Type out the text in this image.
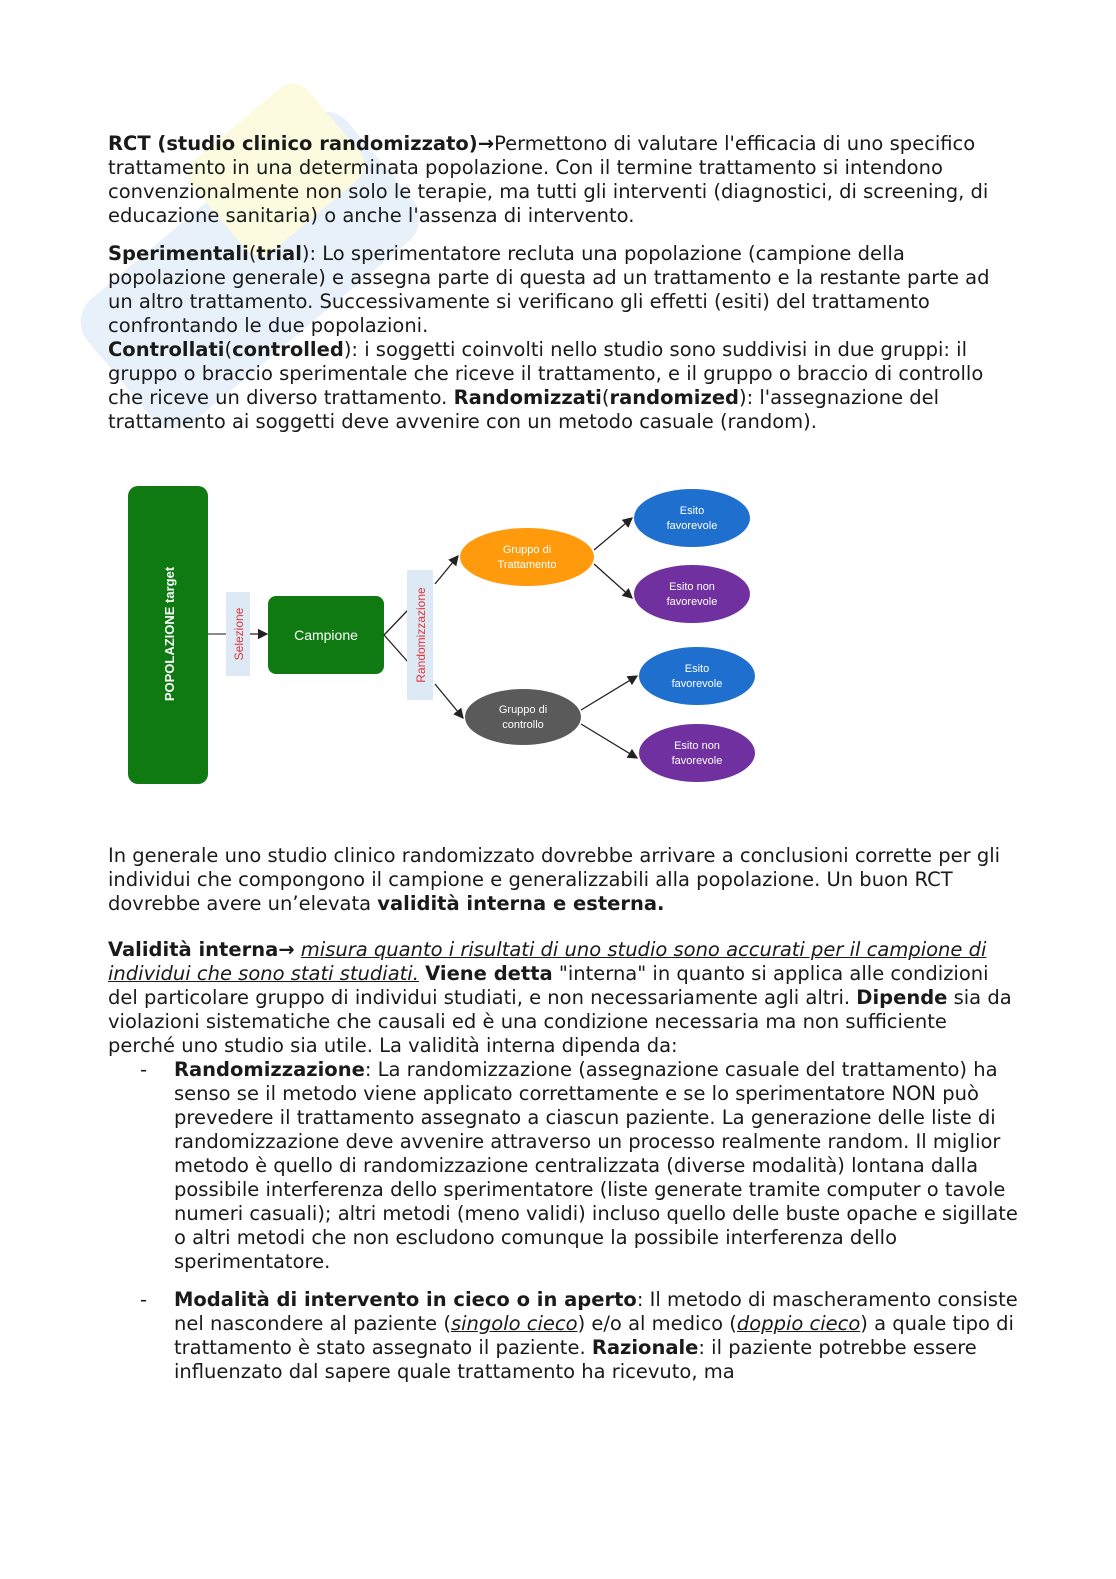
RCT (studio clinico randomizzato)→Permettono di valutare l'efficacia di uno specifico trattamento in una determinata popolazione. Con il termine trattamento si intendono convenzionalmente non solo le terapie, ma tutti gli interventi (diagnostici, di screening, di educazione sanitaria) o anche l'assenza di intervento.

Sperimentali(trial): Lo sperimentatore recluta una popolazione (campione della popolazione generale) e assegna parte di questa ad un trattamento e la restante parte ad un altro trattamento. Successivamente si verificano gli effetti (esiti) del trattamento confrontando le due popolazioni.

Controllati(controlled): i soggetti coinvolti nello studio sono suddivisi in due gruppi: il gruppo o braccio sperimentale che riceve il trattamento, e il gruppo o braccio di controllo che riceve un diverso trattamento. Randomizzati(randomized): l'assegnazione del trattamento ai soggetti deve avvenire con un metodo casuale (random).

POPOLAZIONE target	Selezione	Campione	Randomizzazione
Gruppo di
Trattamento
Gruppo di
controllo
Esito
favorevole
Esito non
favorevole
Esito
favorevole
Esito non
favorevole

In generale uno studio clinico randomizzato dovrebbe arrivare a conclusioni corrette per gli individui che compongono il campione e generalizzabili alla popolazione. Un buon RCT dovrebbe avere un’elevata validità interna e esterna.

Validità interna→ misura quanto i risultati di uno studio sono accurati per il campione di individui che sono stati studiati. Viene detta "interna" in quanto si applica alle condizioni del particolare gruppo di individui studiati, e non necessariamente agli altri. Dipende sia da violazioni sistematiche che causali ed è una condizione necessaria ma non sufficiente perché uno studio sia utile. La validità interna dipenda da:

- Randomizzazione: La randomizzazione (assegnazione casuale del trattamento) ha senso se il metodo viene applicato correttamente e se lo sperimentatore NON può prevedere il trattamento assegnato a ciascun paziente. La generazione delle liste di randomizzazione deve avvenire attraverso un processo realmente random. Il miglior metodo è quello di randomizzazione centralizzata (diverse modalità) lontana dalla possibile interferenza dello sperimentatore (liste generate tramite computer o tavole numeri casuali); altri metodi (meno validi) incluso quello delle buste opache e sigillate o altri metodi che non escludono comunque la possibile interferenza dello sperimentatore.
- Modalità di intervento in cieco o in aperto: Il metodo di mascheramento consiste nel nascondere al paziente (singolo cieco) e/o al medico (doppio cieco) a quale tipo di trattamento è stato assegnato il paziente. Razionale: il paziente potrebbe essere influenzato dal sapere quale trattamento ha ricevuto, ma
